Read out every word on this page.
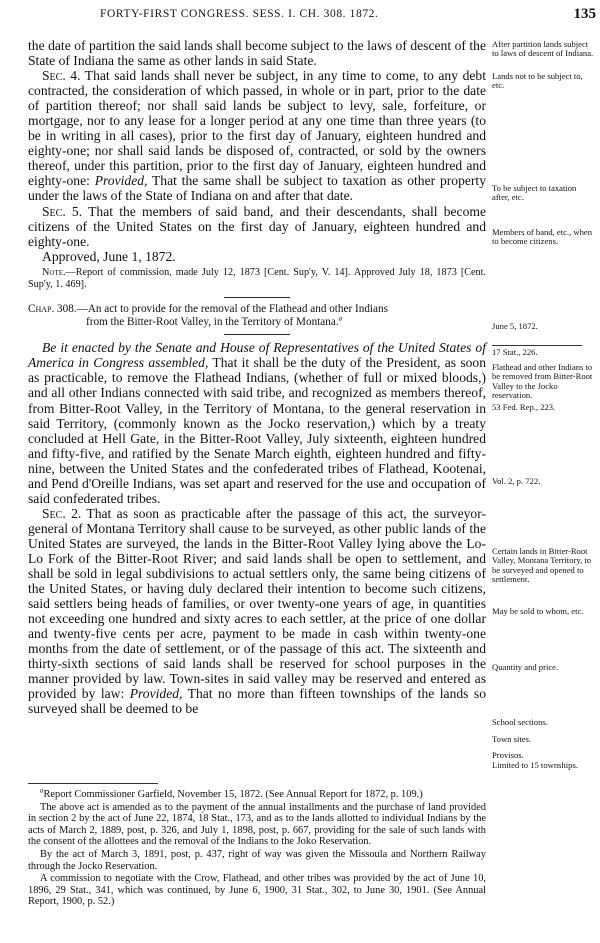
FORTY-FIRST CONGRESS. SESS. I. CH. 308. 1872.	135

the date of partition the said lands shall become subject to the laws of descent of the State of Indiana the same as other lands in said State.

Sec. 4. That said lands shall never be subject, in any time to come, to any debt contracted, the consideration of which passed, in whole or in part, prior to the date of partition thereof; nor shall said lands be subject to levy, sale, forfeiture, or mortgage, nor to any lease for a longer period at any one time than three years (to be in writing in all cases), prior to the first day of January, eighteen hundred and eighty-one; nor shall said lands be disposed of, contracted, or sold by the owners thereof, under this partition, prior to the first day of January, eighteen hundred and eighty-one: Provided, That the same shall be subject to taxation as other property under the laws of the State of Indiana on and after that date.

Sec. 5. That the members of said band, and their descendants, shall become citizens of the United States on the first day of January, eighteen hundred and eighty-one.

Approved, June 1, 1872.

Note.—Report of commission, made July 12, 1873 [Cent. Sup'y, V. 14]. Approved July 18, 1873 [Cent. Sup'y, 1. 469].

Chap. 308.—An act to provide for the removal of the Flathead and other Indians
from the Bitter-Root Valley, in the Territory of Montana.$^a$

Be it enacted by the Senate and House of Representatives of the United States of America in Congress assembled, That it shall be the duty of the President, as soon as practicable, to remove the Flathead Indians, (whether of full or mixed bloods,) and all other Indians connected with said tribe, and recognized as members thereof, from Bitter-Root Valley, in the Territory of Montana, to the general reservation in said Territory, (commonly known as the Jocko reservation,) which by a treaty concluded at Hell Gate, in the Bitter-Root Valley, July sixteenth, eighteen hundred and fifty-five, and ratified by the Senate March eighth, eighteen hundred and fifty-nine, between the United States and the confederated tribes of Flathead, Kootenai, and Pend d'Oreille Indians, was set apart and reserved for the use and occupation of said confederated tribes.

Sec. 2. That as soon as practicable after the passage of this act, the surveyor-general of Montana Territory shall cause to be surveyed, as other public lands of the United States are surveyed, the lands in the Bitter-Root Valley lying above the Lo-Lo Fork of the Bitter-Root River; and said lands shall be open to settlement, and shall be sold in legal subdivisions to actual settlers only, the same being citizens of the United States, or having duly declared their intention to become such citizens, said settlers being heads of families, or over twenty-one years of age, in quantities not exceeding one hundred and sixty acres to each settler, at the price of one dollar and twenty-five cents per acre, payment to be made in cash within twenty-one months from the date of settlement, or of the passage of this act. The sixteenth and thirty-sixth sections of said lands shall be reserved for school purposes in the manner provided by law. Town-sites in said valley may be reserved and entered as provided by law: Provided, That no more than fifteen townships of the lands so surveyed shall be deemed to be

After partition lands subject to laws of descent of Indiana.
Lands not to be subject to, etc.
To be subject to taxation after, etc.
Members of band, etc., when to become citizens.
June 5, 1872.
17 Stat., 226.
Flathead and other Indians to be removed from Bitter-Root Valley to the Jocko reservation.
53 Fed. Rep., 223.
Vol. 2, p. 722.
Certain lands in Bitter-Root Valley, Montana Territory, to be surveyed and opened to settlement.
May be sold to whom, etc.
Quantity and price.
School sections.
Town sites.
Provisos.
Limited to 15 townships.

$^a$Report Commissioner Garfield, November 15, 1872. (See Annual Report for 1872, p. 109.)

The above act is amended as to the payment of the annual installments and the purchase of land provided in section 2 by the act of June 22, 1874, 18 Stat., 173, and as to the lands allotted to individual Indians by the acts of March 2, 1889, post, p. 326, and July 1, 1898, post, p. 667, providing for the sale of such lands with the consent of the allottees and the removal of the Indians to the Joko Reservation.

By the act of March 3, 1891, post, p. 437, right of way was given the Missoula and Northern Railway through the Jocko Reservation.

A commission to negotiate with the Crow, Flathead, and other tribes was provided by the act of June 10, 1896, 29 Stat., 341, which was continued, by June 6, 1900, 31 Stat., 302, to June 30, 1901. (See Annual Report, 1900, p. 52.)
